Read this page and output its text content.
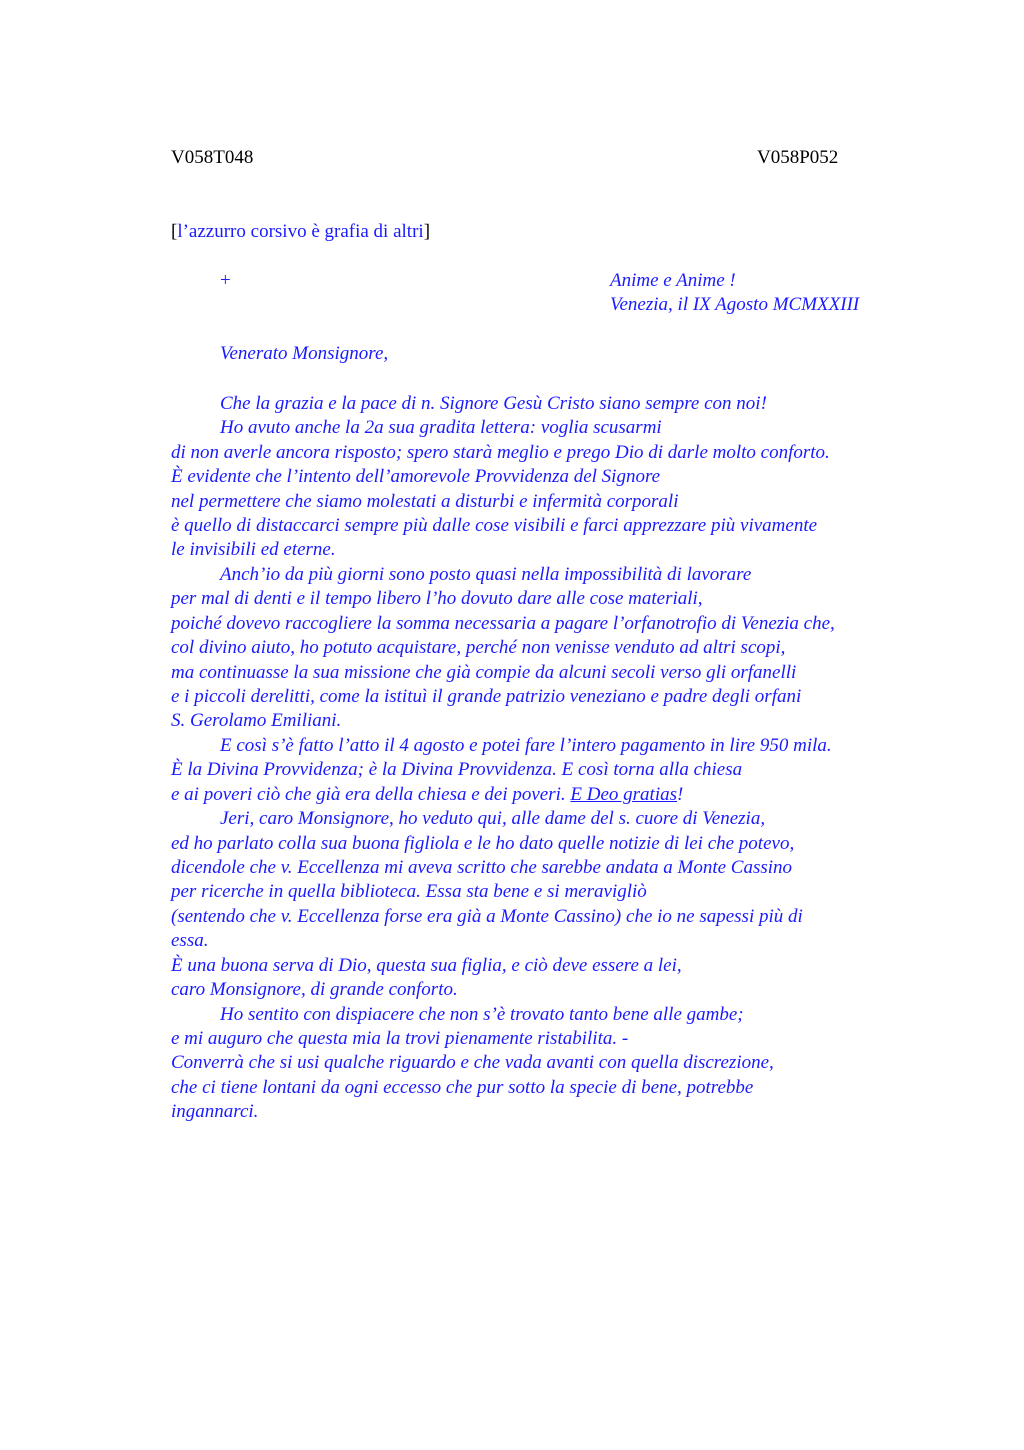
V058T048	V058P052
[l’azzurro corsivo è grafia di altri]
+	Anime e Anime !
Venezia, il IX Agosto MCMXXIII
Venerato Monsignore,
Che la grazia e la pace di n. Signore Gesù Cristo siano sempre con noi!
Ho avuto anche la 2a sua gradita lettera: voglia scusarmi
di non averle ancora risposto; spero starà meglio e prego Dio di darle molto conforto.
È evidente che l’intento dell’amorevole Provvidenza del Signore
nel permettere che siamo molestati a disturbi e infermità corporali
è quello di distaccarci sempre più dalle cose visibili e farci apprezzare più vivamente
le invisibili ed eterne.
Anch’io da più giorni sono posto quasi nella impossibilità di lavorare
per mal di denti e il tempo libero l’ho dovuto dare alle cose materiali,
poiché dovevo raccogliere la somma necessaria a pagare l’orfanotrofio di Venezia che,
col divino aiuto, ho potuto acquistare, perché non venisse venduto ad altri scopi,
ma continuasse la sua missione che già compie da alcuni secoli verso gli orfanelli
e i piccoli derelitti, come la istituì il grande patrizio veneziano e padre degli orfani
S. Gerolamo Emiliani.
E così s’è fatto l’atto il 4 agosto e potei fare l’intero pagamento in lire 950 mila.
È la Divina Provvidenza; è la Divina Provvidenza. E così torna alla chiesa
e ai poveri ciò che già era della chiesa e dei poveri. E Deo gratias!
Jeri, caro Monsignore, ho veduto qui, alle dame del s. cuore di Venezia,
ed ho parlato colla sua buona figliola e le ho dato quelle notizie di lei che potevo,
dicendole che v. Eccellenza mi aveva scritto che sarebbe andata a Monte Cassino
per ricerche in quella biblioteca. Essa sta bene e si meravigliò
(sentendo che v. Eccellenza forse era già a Monte Cassino) che io ne sapessi più di
essa.
È una buona serva di Dio, questa sua figlia, e ciò deve essere a lei,
caro Monsignore, di grande conforto.
Ho sentito con dispiacere che non s’è trovato tanto bene alle gambe;
e mi auguro che questa mia la trovi pienamente ristabilita. -
Converrà che si usi qualche riguardo e che vada avanti con quella discrezione,
che ci tiene lontani da ogni eccesso che pur sotto la specie di bene, potrebbe
ingannarci.
